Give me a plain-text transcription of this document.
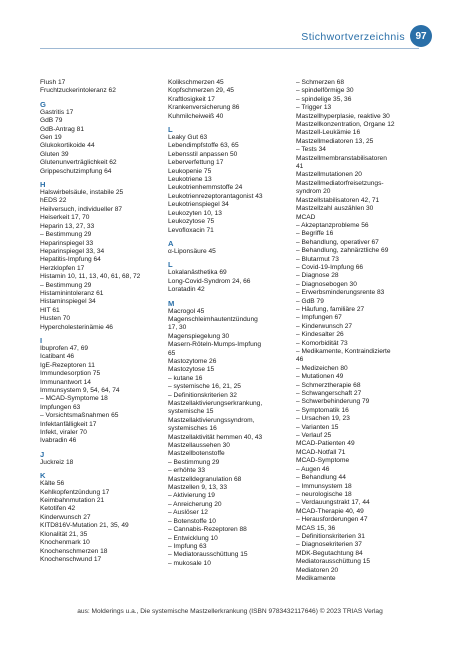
Stichwortverzeichnis	97
Flush 17
Fruchtzuckerintoleranz 62
G
Gastritis 17
GdB 79
GdB-Antrag 81
Gen 19
Glukokortikoide 44
Gluten 39
Glutenunverträglichkeit 62
Grippeschutzimpfung 64
H
Halswirbelsäule, instabile 25
hEDS 22
Heilversuch, individueller 87
Heiserkeit 17, 70
Heparin 13, 27, 33
– Bestimmung 29
Heparinspiegel 33
Heparinspiegel 33, 34
Hepatitis-Impfung 64
Herzklopfen 17
Histamin 10, 11, 13, 40, 61, 68, 72
– Bestimmung 29
Histaminintoleranz 61
Histaminspiegel 34
HIT 61
Husten 70
Hypercholesterinämie 46
I
Ibuprofen 47, 69
Icatibant 46
IgE-Rezeptoren 11
Immundesorption 75
Immunantwort 14
Immunsystem 9, 54, 64, 74
– MCAD-Symptome 18
Impfungen 63
– Vorsichtsmaßnahmen 65
Infektanfälligkeit 17
Infekt, viraler 70
Ivabradin 46
J
Juckreiz 18
K
Kälte 56
Kehlkopfentzündung 17
Keimbahnmutation 21
Ketotifen 42
Kinderwunsch 27
KITD816V-Mutation 21, 35, 49
Klonalität 21, 35
Knochenmark 10
Knochenschmerzen 18
Knochenschwund 17
Kolikschmerzen 45
Kopfschmerzen 29, 45
Kraftlosigkeit 17
Krankenversicherung 86
Kuhmilcheiweiß 40
L
Leaky Gut 63
Lebendimpfstoffe 63, 65
Lebensstil anpassen 50
Leberverfettung 17
Leukopenie 75
Leukotriene 13
Leukotrienhemmstoffe 24
Leukotrienrezeptorantagonist 43
Leukotrienspiegel 34
Leukozyten 10, 13
Leukozytose 75
Levofloxacin 71
Α
α-Liponsäure 45
L
Lokalanästhetika 69
Long-Covid-Syndrom 24, 66
Loratadin 42
M
Macrogol 45
Magenschleimhautentzündung
17, 30
Magenspiegelung 30
Masern-Röteln-Mumps-Impfung
65
Mastozytome 26
Mastozytose 15
– kutane 16
– systemische 16, 21, 25
– Definitionskriterien 32
Mastzellaktivierungserkrankung,
systemische 15
Mastzellaktivierungssyndrom,
systemisches 16
Mastzellaktivität hemmen 40, 43
Mastzellaussehen 30
Mastzellbotenstoffe
– Bestimmung 29
– erhöhte 33
Mastzelldegranulation 68
Mastzellen 9, 13, 33
– Aktivierung 19
– Anreicherung 20
– Auslöser 12
– Botenstoffe 10
– Cannabis-Rezeptoren 88
– Entwicklung 10
– Impfung 63
– Mediatorausschüttung 15
– mukosale 10
– Schmerzen 68
– spindelförmige 30
– spindelige 35, 36
– Trigger 13
Mastzellhyperplasie, reaktive 30
Mastzellkonzentration, Organe 12
Mastzell-Leukämie 16
Mastzellmediatoren 13, 25
– Tests 34
Mastzellmembranstabilisatoren
41
Mastzellmutationen 20
Mastzellmediatorfreisetzungs-
syndrom 20
Mastzellstabilisatoren 42, 71
Mastzellzahl auszählen 30
MCAD
– Akzeptanzprobleme 56
– Begriffe 16
– Behandlung, operativer 67
– Behandlung, zahnärztliche 69
– Blutarmut 73
– Covid-19-Impfung 66
– Diagnose 28
– Diagnosebogen 30
– Erwerbsminderungsrente 83
– GdB 79
– Häufung, familiäre 27
– Impfungen 67
– Kinderwunsch 27
– Kindesalter 26
– Komorbidität 73
– Medikamente, Kontraindizierte
46
– Medizeichen 80
– Mutationen 49
– Schmerztherapie 68
– Schwangerschaft 27
– Schwerbehinderung 79
– Symptomatik 16
– Ursachen 19, 23
– Varianten 15
– Verlauf 25
MCAD-Patienten 49
MCAD-Notfall 71
MCAD-Symptome
– Augen 46
– Behandlung 44
– Immunsystem 18
– neurologische 18
– Verdauungstrakt 17, 44
MCAD-Therapie 40, 49
– Herausforderungen 47
MCAS 15, 36
– Definitionskriterien 31
– Diagnosekriterien 37
MDK-Begutachtung 84
Mediatorausschüttung 15
Mediatoren 20
Medikamente
aus: Molderings u.a., Die systemische Mastzellerkrankung (ISBN 9783432117646) © 2023 TRIAS Verlag
